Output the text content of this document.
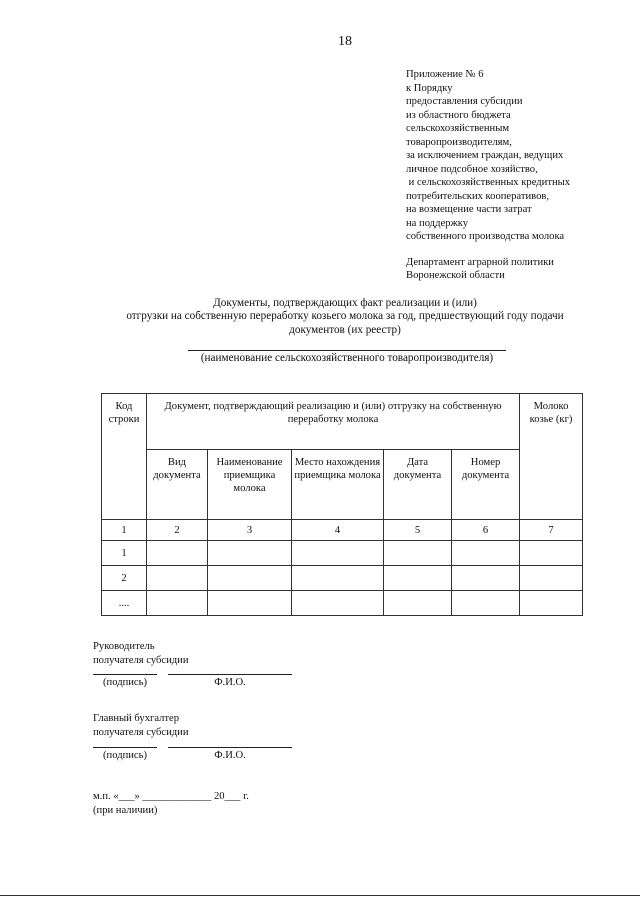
18
Приложение № 6
к Порядку
предоставления субсидии
из областного бюджета
сельскохозяйственным
товаропроизводителям,
за исключением граждан, ведущих
личное подсобное хозяйство,
и сельскохозяйственных кредитных
потребительских кооперативов,
на возмещение части затрат
на поддержку
собственного производства молока
Департамент аграрной политики
Воронежской области
Документы, подтверждающих факт реализации и (или)
отгрузки на собственную переработку козьего молока за год, предшествующий году подачи
документов (их реестр)
(наименование сельскохозяйственного товаропроизводителя)
Код строки	Документ, подтверждающий реализацию и (или) отгрузку на собственную переработку молока					Молоко козье (кг)
	Вид документа	Наименование приемщика молока	Место нахождения приемщика молока	Дата документа	Номер документа	
1	2	3	4	5	6	7
1						
2						
....						
Руководитель
получателя субсидии
(подпись)	Ф.И.О.
Главный бухгалтер
получателя субсидии
(подпись)	Ф.И.О.
м.п. «___» _____________ 20___ г.
(при наличии)
